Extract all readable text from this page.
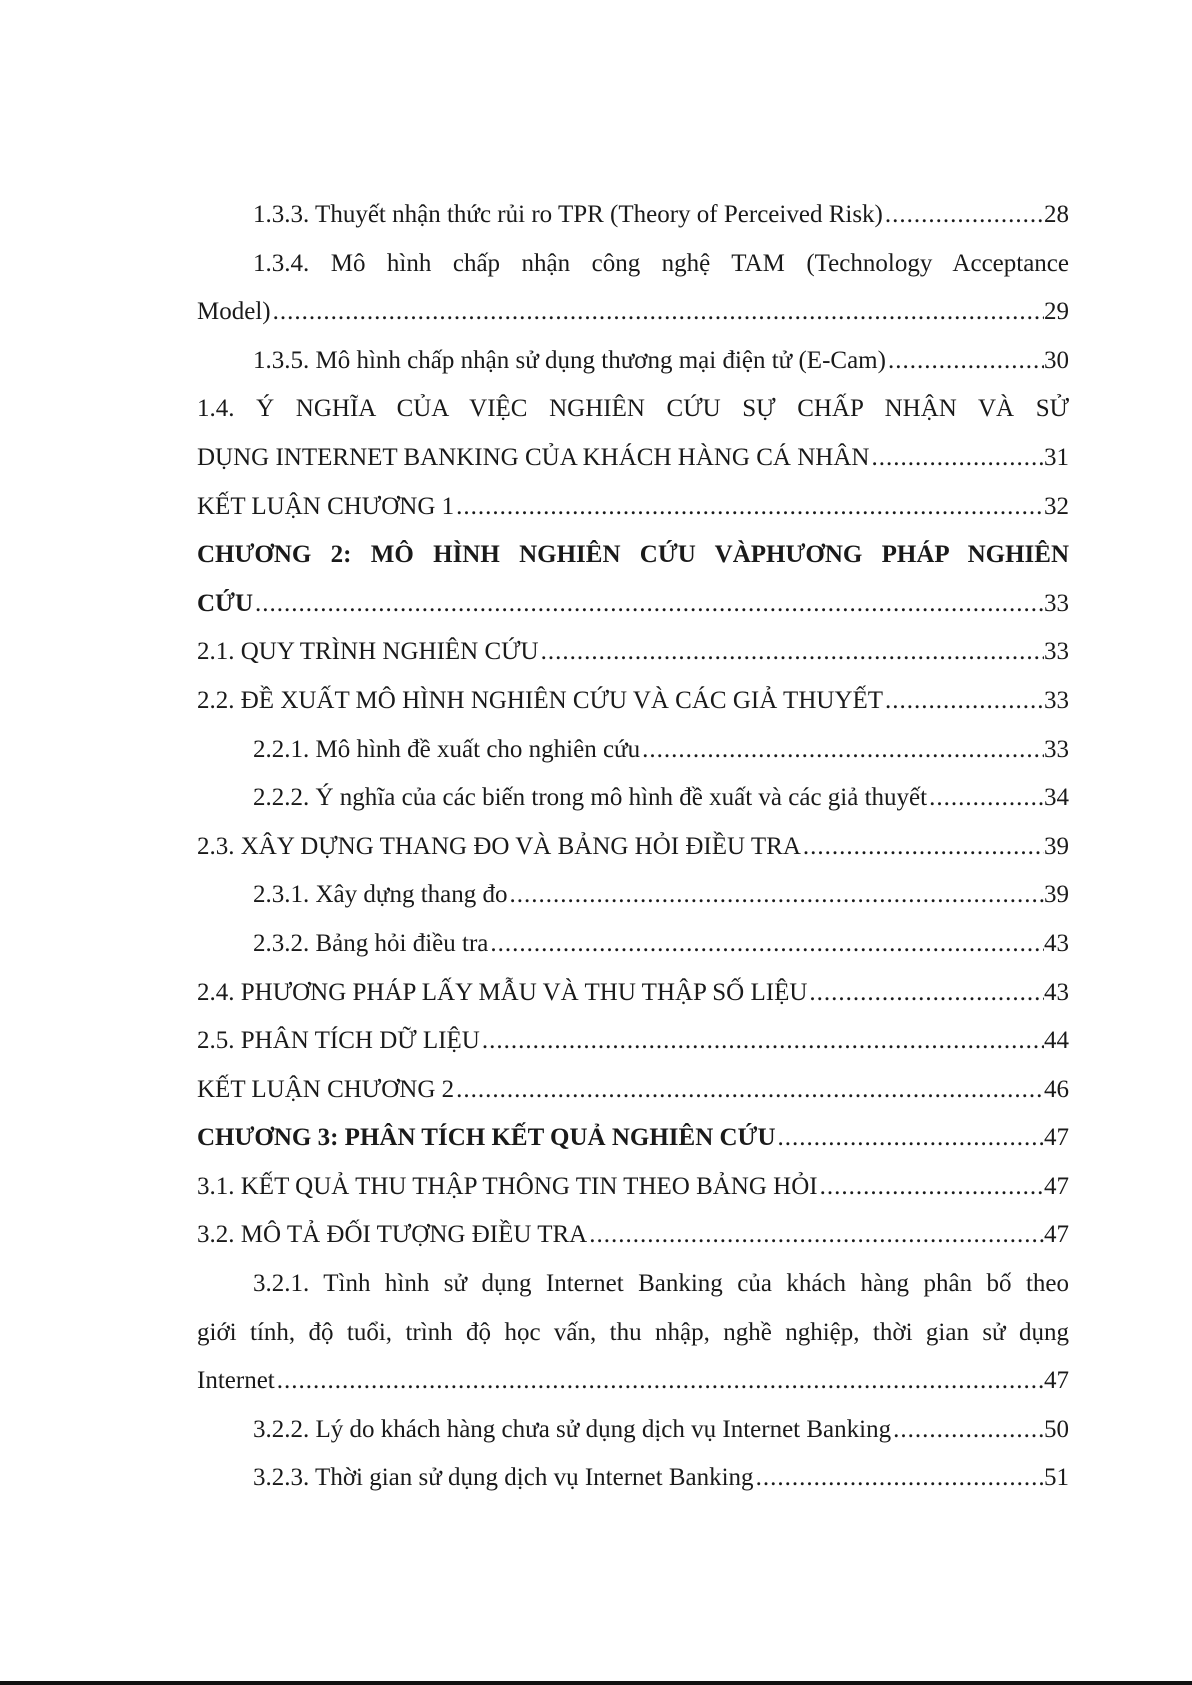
1.3.3. Thuyết nhận thức rủi ro TPR (Theory of Perceived Risk) .....	28
1.3.4. Mô hình chấp nhận công nghệ TAM (Technology Acceptance
Model) .....	29
1.3.5. Mô hình chấp nhận sử dụng thương mại điện tử (E-Cam) .....	30
1.4. Ý NGHĨA CỦA VIỆC NGHIÊN CỨU SỰ CHẤP NHẬN VÀ SỬ
DỤNG INTERNET BANKING CỦA KHÁCH HÀNG CÁ NHÂN .....	31
KẾT LUẬN CHƯƠNG 1 .....	32
CHƯƠNG 2: MÔ HÌNH NGHIÊN CỨU VÀPHƯƠNG PHÁP NGHIÊN
CỨU .....	33
2.1. QUY TRÌNH NGHIÊN CỨU .....	33
2.2. ĐỀ XUẤT MÔ HÌNH NGHIÊN CỨU VÀ CÁC GIẢ THUYẾT .....	33
2.2.1. Mô hình đề xuất cho nghiên cứu .....	33
2.2.2. Ý nghĩa của các biến trong mô hình đề xuất và các giả thuyết .....	34
2.3. XÂY DỰNG THANG ĐO VÀ BẢNG HỎI ĐIỀU TRA .....	39
2.3.1. Xây dựng thang đo .....	39
2.3.2. Bảng hỏi điều tra .....	43
2.4. PHƯƠNG PHÁP LẤY MẪU VÀ THU THẬP SỐ LIỆU .....	43
2.5. PHÂN TÍCH DỮ LIỆU .....	44
KẾT LUẬN CHƯƠNG 2 .....	46
CHƯƠNG 3: PHÂN TÍCH KẾT QUẢ NGHIÊN CỨU .....	47
3.1. KẾT QUẢ THU THẬP THÔNG TIN THEO BẢNG HỎI .....	47
3.2. MÔ TẢ ĐỐI TƯỢNG ĐIỀU TRA .....	47
3.2.1. Tình hình sử dụng Internet Banking của khách hàng phân bố theo
giới tính, độ tuổi, trình độ học vấn, thu nhập, nghề nghiệp, thời gian sử dụng
Internet .....	47
3.2.2. Lý do khách hàng chưa sử dụng dịch vụ Internet Banking .....	50
3.2.3. Thời gian sử dụng dịch vụ Internet Banking .....	51
